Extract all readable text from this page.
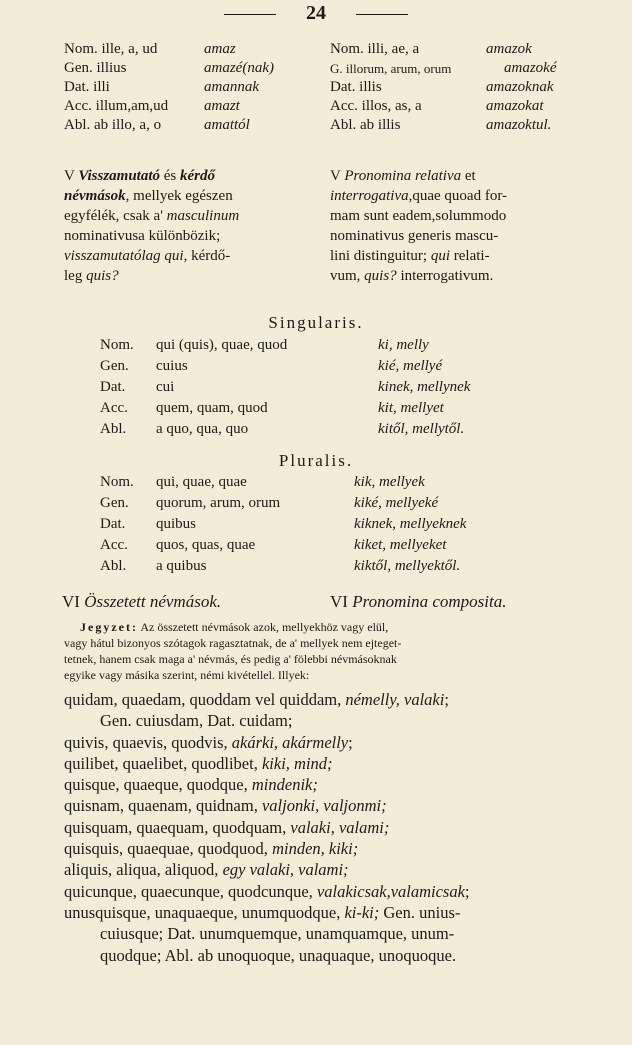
24
Nom. ille, a, ud	amaz
Gen. illius	amazé(nak)
Dat. illi	amannak
Acc. illum,am,ud amazt
Abl. ab illo, a, o	amattól
Nom. illi, ae, a	amazok
G. illorum, arum, orum	amazoké
Dat. illis	amazoknak
Acc. illos, as, a	amazokat
Abl. ab illis	amazoktul.
V Visszamutató és kérdő
névmások, mellyek egészen
egyfélék, csak a' masculinum
nominativusa különbözik;
visszamutatólag qui, kérdő-
leg quis?
V Pronomina relativa et
interrogativa,quae quoad for-
mam sunt eadem,solummodo
nominativus generis mascu-
lini distinguitur; qui relati-
vum, quis? interrogativum.
Singularis.
Nom. qui (quis), quae, quod	ki, melly
Gen. cuius	kié, mellyé
Dat. cui	kinek, mellynek
Acc. quem, quam, quod	kit, mellyet
Abl. a quo, qua, quo	kitől, mellytől.
Pluralis.
Nom. qui, quae, quae	kik, mellyek
Gen. quorum, arum, orum	kiké, mellyeké
Dat. quibus	kiknek, mellyeknek
Acc. quos, quas, quae	kiket, mellyeket
Abl. a quibus	kiktől, mellyektől.
VI Összetett névmások.	VI Pronomina composita.
Jegyzet: Az összetett névmások azok, mellyekhöz vagy elül,
vagy hátul bizonyos szótagok ragasztatnak, de a' mellyek nem ejteget-
tetnek, hanem csak maga a' névmás, és pedig a' fölebbi névmásoknak
egyike vagy másika szerint, némi kivétellel. Illyek:
quidam, quaedam, quoddam vel quiddam, némelly, valaki;
Gen. cuiusdam, Dat. cuidam;
quivis, quaevis, quodvis, akárki, akármelly;
quilibet, quaelibet, quodlibet, kiki, mind;
quisque, quaeque, quodque, mindenik;
quisnam, quaenam, quidnam, valjonki, valjonmi;
quisquam, quaequam, quodquam, valaki, valami;
quisquis, quaequae, quodquod, minden, kiki;
aliquis, aliqua, aliquod, egy valaki, valami;
quicunque, quaecunque, quodcunque, valakicsak,valamicsak;
unusquisque, unaquaeque, unumquodque, ki-ki; Gen. unius-
cuiusque; Dat. unumquemque, unamquamque, unum-
quodque; Abl. ab unoquoque, unaquaque, unoquoque.
